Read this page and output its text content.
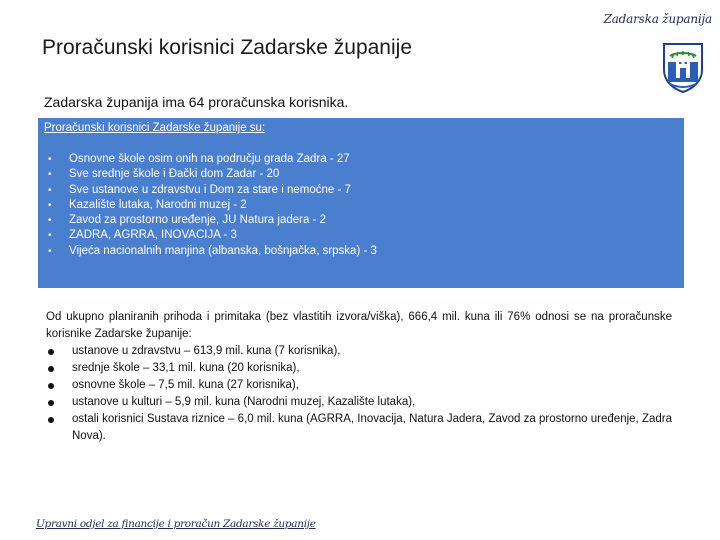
Proračunski korisnici Zadarske županije
Zadarska županija

Zadarska županija ima 64 proračunska korisnika.

Proračunski korisnici Zadarske županije su:

• Osnovne škole osim onih na području grada Zadra - 27
• Sve srednje škole i Đački dom Zadar - 20
• Sve ustanove u zdravstvu i Dom za stare i nemoćne - 7
• Kazalište lutaka, Narodni muzej - 2
• Zavod za prostorno uređenje, JU Natura jadera - 2
• ZADRA, AGRRA, INOVACIJA - 3
• Vijeća nacionalnih manjina (albanska, bošnjačka, srpska) - 3

Od ukupno planiranih prihoda i primitaka (bez vlastitih izvora/viška), 666,4 mil. kuna ili 76% odnosi se na proračunske korisnike Zadarske županije:

ustanove u zdravstvu – 613,9 mil. kuna (7 korisnika),
srednje škole – 33,1 mil. kuna (20 korisnika),
osnovne škole – 7,5 mil. kuna (27 korisnika),
ustanove u kulturi – 5,9 mil. kuna (Narodni muzej, Kazalište lutaka),
ostali korisnici Sustava riznice – 6,0 mil. kuna (AGRRA, Inovacija, Natura Jadera, Zavod za prostorno uređenje, Zadra Nova).
Upravni odjel za financije i proračun Zadarske županije
